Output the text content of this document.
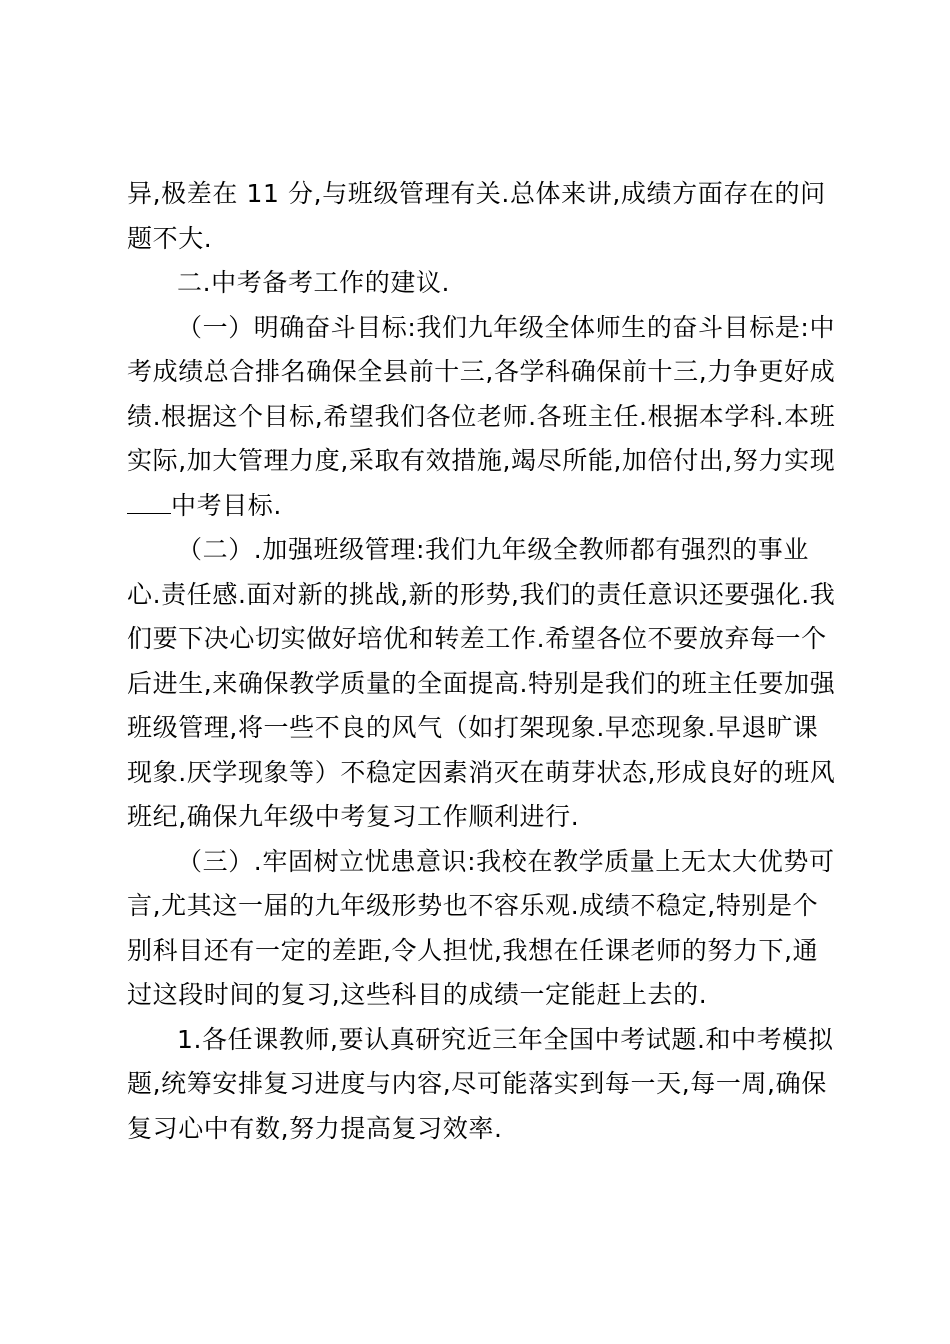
异,极差在 11 分,与班级管理有关.总体来讲,成绩方面存在的问题不大.

二.中考备考工作的建议.

（一）明确奋斗目标:我们九年级全体师生的奋斗目标是:中考成绩总合排名确保全县前十三,各学科确保前十三,力争更好成绩.根据这个目标,希望我们各位老师.各班主任.根据本学科.本班实际,加大管理力度,采取有效措施,竭尽所能,加倍付出,努力实现中考目标.

（二）.加强班级管理:我们九年级全教师都有强烈的事业心.责任感.面对新的挑战,新的形势,我们的责任意识还要强化.我们要下决心切实做好培优和转差工作.希望各位不要放弃每一个后进生,来确保教学质量的全面提高.特别是我们的班主任要加强班级管理,将一些不良的风气（如打架现象.早恋现象.早退旷课现象.厌学现象等）不稳定因素消灭在萌芽状态,形成良好的班风班纪,确保九年级中考复习工作顺利进行.

（三）.牢固树立忧患意识:我校在教学质量上无太大优势可言,尤其这一届的九年级形势也不容乐观.成绩不稳定,特别是个别科目还有一定的差距,令人担忧,我想在任课老师的努力下,通过这段时间的复习,这些科目的成绩一定能赶上去的.

1.各任课教师,要认真研究近三年全国中考试题.和中考模拟题,统筹安排复习进度与内容,尽可能落实到每一天,每一周,确保复习心中有数,努力提高复习效率.
